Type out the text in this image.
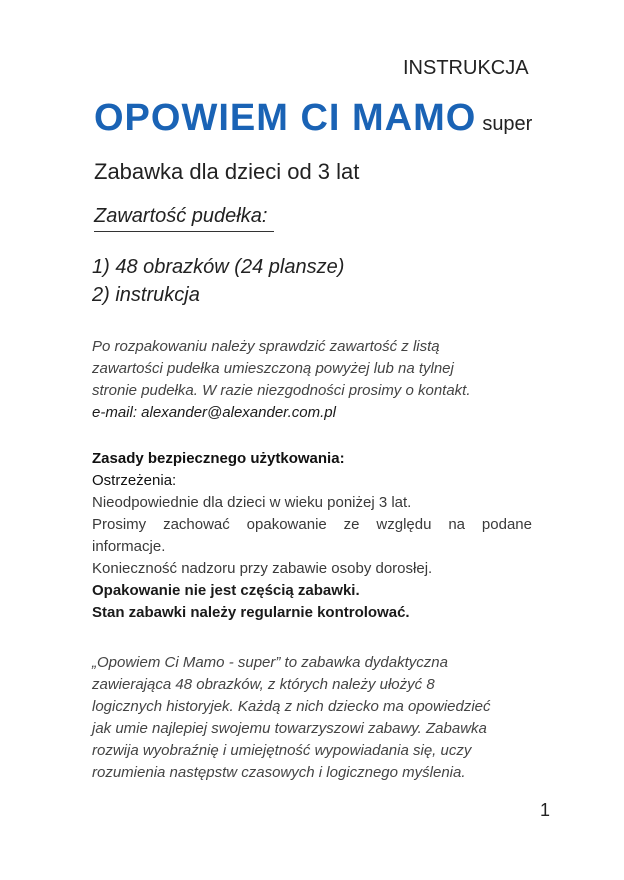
INSTRUKCJA
OPOWIEM CI MAMO super
Zabawka dla dzieci od 3 lat
Zawartość pudełka:
1) 48 obrazków (24 plansze)
2) instrukcja
Po rozpakowaniu należy sprawdzić zawartość z listą
zawartości pudełka umieszczoną powyżej lub na tylnej
stronie pudełka. W razie niezgodności prosimy o kontakt.
e-mail: alexander@alexander.com.pl
Zasady bezpiecznego użytkowania:
Ostrzeżenia:
Nieodpowiednie dla dzieci w wieku poniżej 3 lat.
Prosimy zachować opakowanie ze względu na podane informacje.
Konieczność nadzoru przy zabawie osoby dorosłej.
Opakowanie nie jest częścią zabawki.
Stan zabawki należy regularnie kontrolować.
„Opowiem Ci Mamo - super” to zabawka dydaktyczna
zawierająca 48 obrazków, z których należy ułożyć 8
logicznych historyjek. Każdą z nich dziecko ma opowiedzieć
jak umie najlepiej swojemu towarzyszowi zabawy. Zabawka
rozwija wyobraźnię i umiejętność wypowiadania się, uczy
rozumienia następstw czasowych i logicznego myślenia.
1
